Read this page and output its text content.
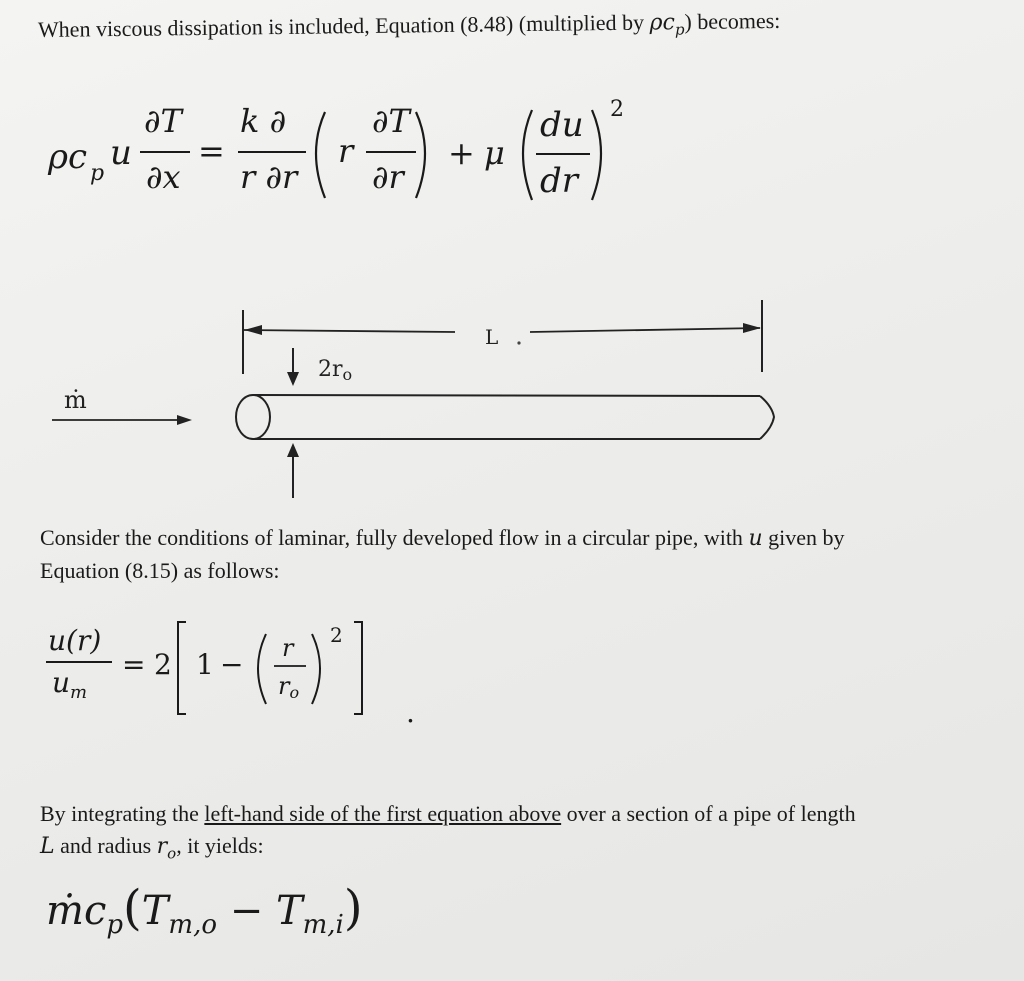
When viscous dissipation is included, Equation (8.48) (multiplied by $\rho c_p$) becomes:
ρc p
u
∂T
∂x
=
k ∂
r ∂r
r
∂T
∂r
+ μ
du
dr
2
L
2ro
ṁ
Consider the conditions of laminar, fully developed flow in a circular pipe, with u given by
Equation (8.15) as follows:
u(r)
$u_m$
= 2 1 − r
ro
2
.
By integrating the left-hand side of the first equation above over a section of a pipe of length
L and radius $r_o$, it yields:
$ṁc_p(T_{m,o} - T_{m,i})$
